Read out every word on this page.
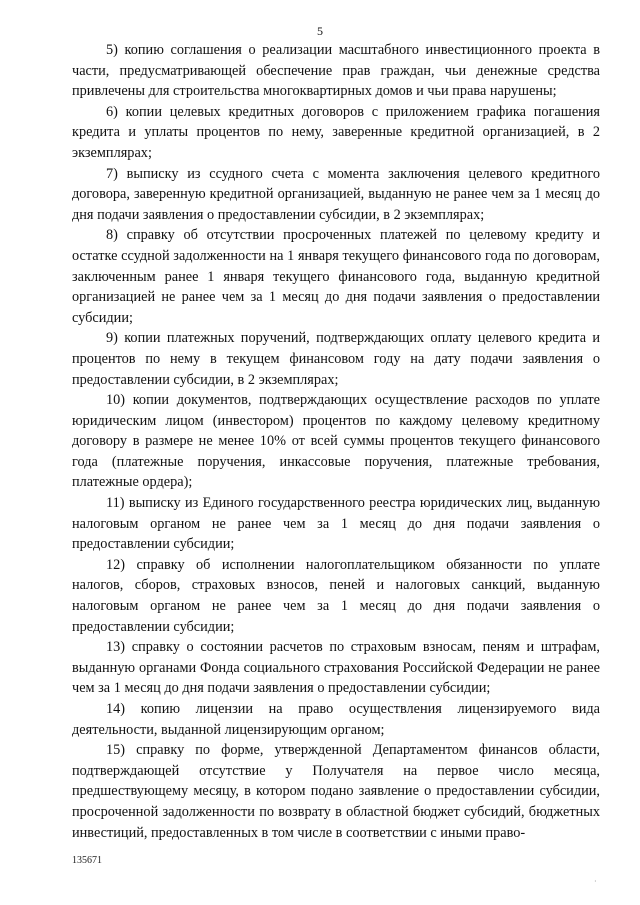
5

5) копию соглашения о реализации масштабного инвестиционного проекта в части, предусматривающей обеспечение прав граждан, чьи денежные средства привлечены для строительства многоквартирных домов и чьи права нарушены;

6) копии целевых кредитных договоров с приложением графика погашения кредита и уплаты процентов по нему, заверенные кредитной организацией, в 2 экземплярах;

7) выписку из ссудного счета с момента заключения целевого кредитного договора, заверенную кредитной организацией, выданную не ранее чем за 1 месяц до дня подачи заявления о предоставлении субсидии, в 2 экземплярах;

8) справку об отсутствии просроченных платежей по целевому кредиту и остатке ссудной задолженности на 1 января текущего финансового года по договорам, заключенным ранее 1 января текущего финансового года, выданную кредитной организацией не ранее чем за 1 месяц до дня подачи заявления о предоставлении субсидии;

9) копии платежных поручений, подтверждающих оплату целевого кредита и процентов по нему в текущем финансовом году на дату подачи заявления о предоставлении субсидии, в 2 экземплярах;

10) копии документов, подтверждающих осуществление расходов по уплате юридическим лицом (инвестором) процентов по каждому целевому кредитному договору в размере не менее 10% от всей суммы процентов текущего финансового года (платежные поручения, инкассовые поручения, платежные требования, платежные ордера);

11) выписку из Единого государственного реестра юридических лиц, выданную налоговым органом не ранее чем за 1 месяц до дня подачи заявления о предоставлении субсидии;

12) справку об исполнении налогоплательщиком обязанности по уплате налогов, сборов, страховых взносов, пеней и налоговых санкций, выданную налоговым органом не ранее чем за 1 месяц до дня подачи заявления о предоставлении субсидии;

13) справку о состоянии расчетов по страховым взносам, пеням и штрафам, выданную органами Фонда социального страхования Российской Федерации не ранее чем за 1 месяц до дня подачи заявления о предоставлении субсидии;

14) копию лицензии на право осуществления лицензируемого вида деятельности, выданной лицензирующим органом;

15) справку по форме, утвержденной Департаментом финансов области, подтверждающей отсутствие у Получателя на первое число месяца, предшествующему месяцу, в котором подано заявление о предоставлении субсидии, просроченной задолженности по возврату в областной бюджет субсидий, бюджетных инвестиций, предоставленных в том числе в соответствии с иными право-

135671
·
